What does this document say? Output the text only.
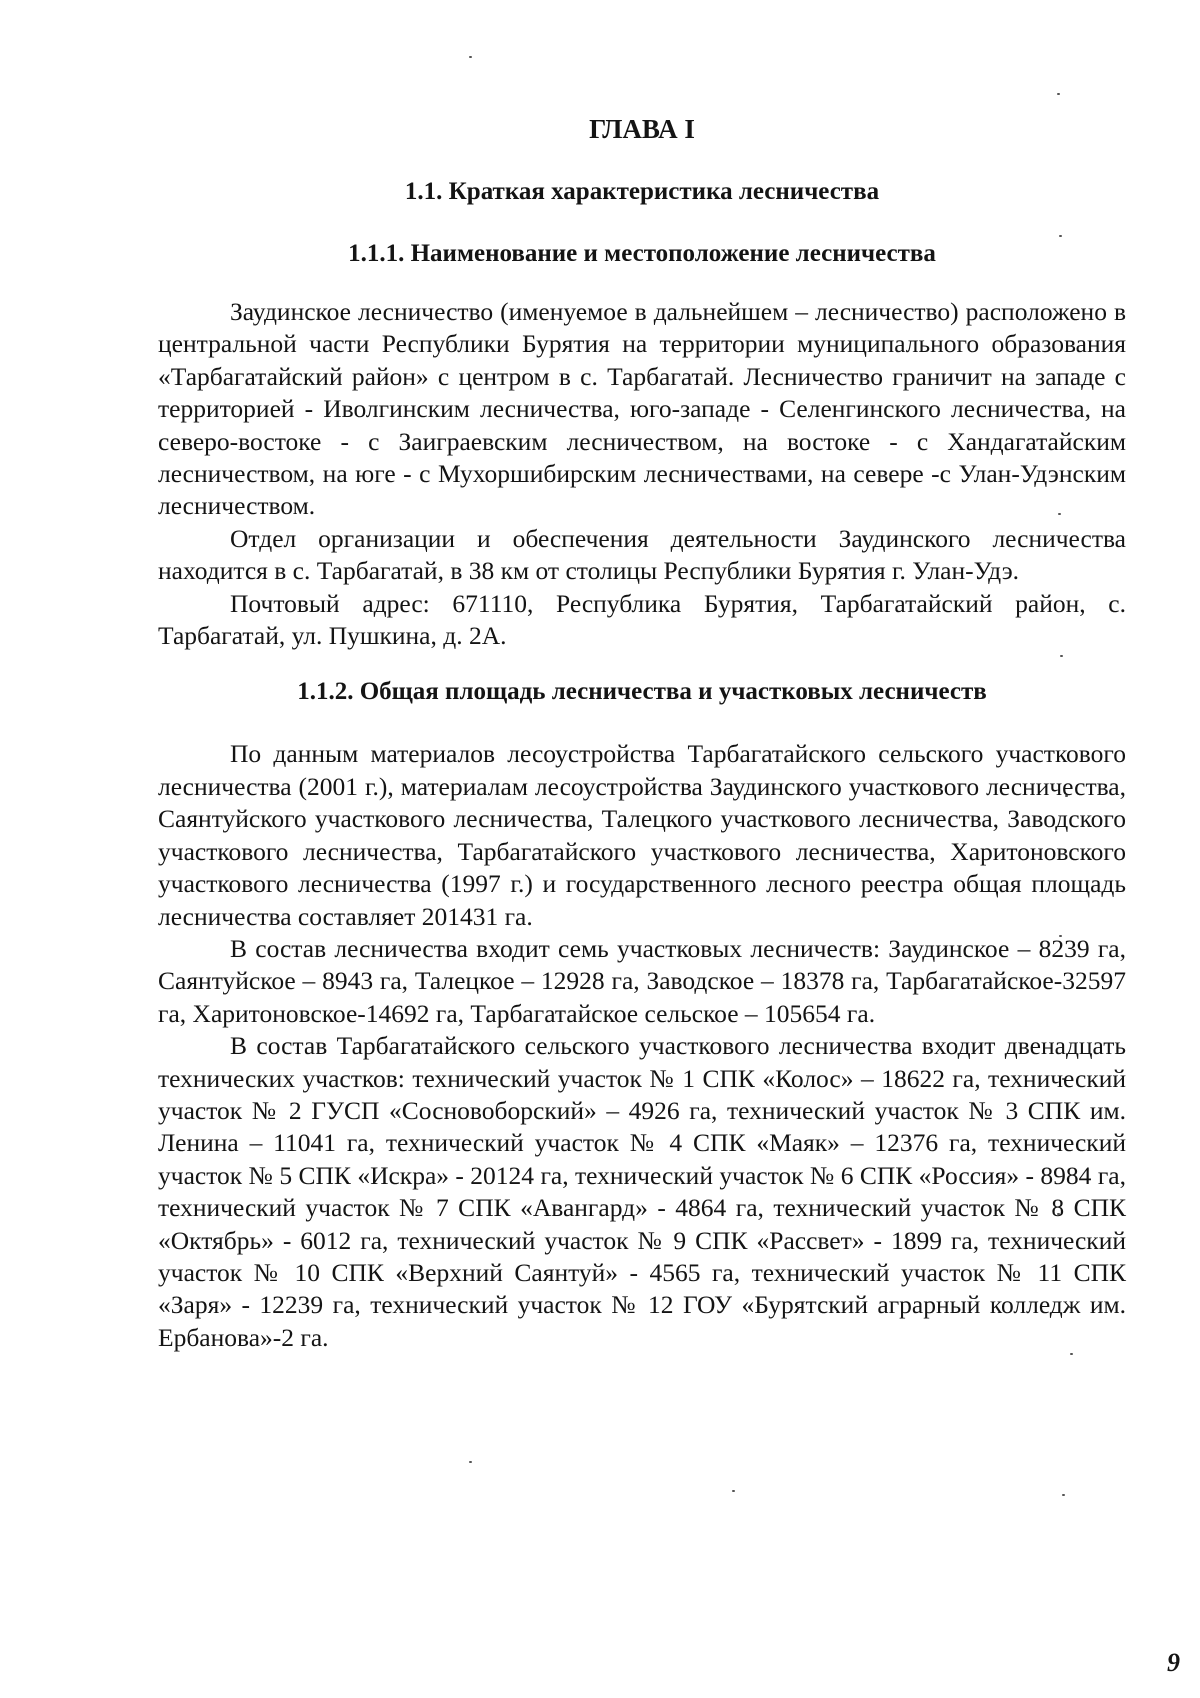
ГЛАВА I
1.1. Краткая характеристика лесничества
1.1.1. Наименование и местоположение лесничества

Заудинское лесничество (именуемое в дальнейшем – лесничество) расположено в центральной части Республики Бурятия на территории муниципального образования «Тарбагатайский район» с центром в с. Тарбагатай. Лесничество граничит на западе с территорией - Иволгинским лесничества, юго-западе - Селенгинского лесничества, на северо-востоке - с Заиграевским лесничеством, на востоке - с Хандагатайским лесничеством, на юге - с Мухоршибирским лесничествами, на севере -с Улан-Удэнским лесничеством.

Отдел организации и обеспечения деятельности Заудинского лесничества находится в с. Тарбагатай, в 38 км от столицы Республики Бурятия г. Улан-Удэ.

Почтовый адрес: 671110, Республика Бурятия, Тарбагатайский район, с. Тарбагатай, ул. Пушкина, д. 2А.

1.1.2. Общая площадь лесничества и участковых лесничеств

По данным материалов лесоустройства Тарбагатайского сельского участкового лесничества (2001 г.), материалам лесоустройства Заудинского участкового лесничества, Саянтуйского участкового лесничества, Талецкого участкового лесничества, Заводского участкового лесничества, Тарбагатайского участкового лесничества, Харитоновского участкового лесничества (1997 г.) и государственного лесного реестра общая площадь лесничества составляет 201431 га.

В состав лесничества входит семь участковых лесничеств: Заудинское – 8239 га, Саянтуйское – 8943 га, Талецкое – 12928 га, Заводское – 18378 га, Тарбагатайское-32597 га, Харитоновское-14692 га, Тарбагатайское сельское – 105654 га.

В состав Тарбагатайского сельского участкового лесничества входит двенадцать технических участков: технический участок № 1 СПК «Колос» – 18622 га, технический участок № 2 ГУСП «Сосновоборский» – 4926 га, технический участок № 3 СПК им. Ленина – 11041 га, технический участок № 4 СПК «Маяк» – 12376 га, технический участок № 5 СПК «Искра» - 20124 га, технический участок № 6 СПК «Россия» - 8984 га, технический участок № 7 СПК «Авангард» - 4864 га, технический участок № 8 СПК «Октябрь» - 6012 га, технический участок № 9 СПК «Рассвет» - 1899 га, технический участок № 10 СПК «Верхний Саянтуй» - 4565 га, технический участок № 11 СПК «Заря» - 12239 га, технический участок № 12 ГОУ «Бурятский аграрный колледж им. Ербанова»-2 га.

9
